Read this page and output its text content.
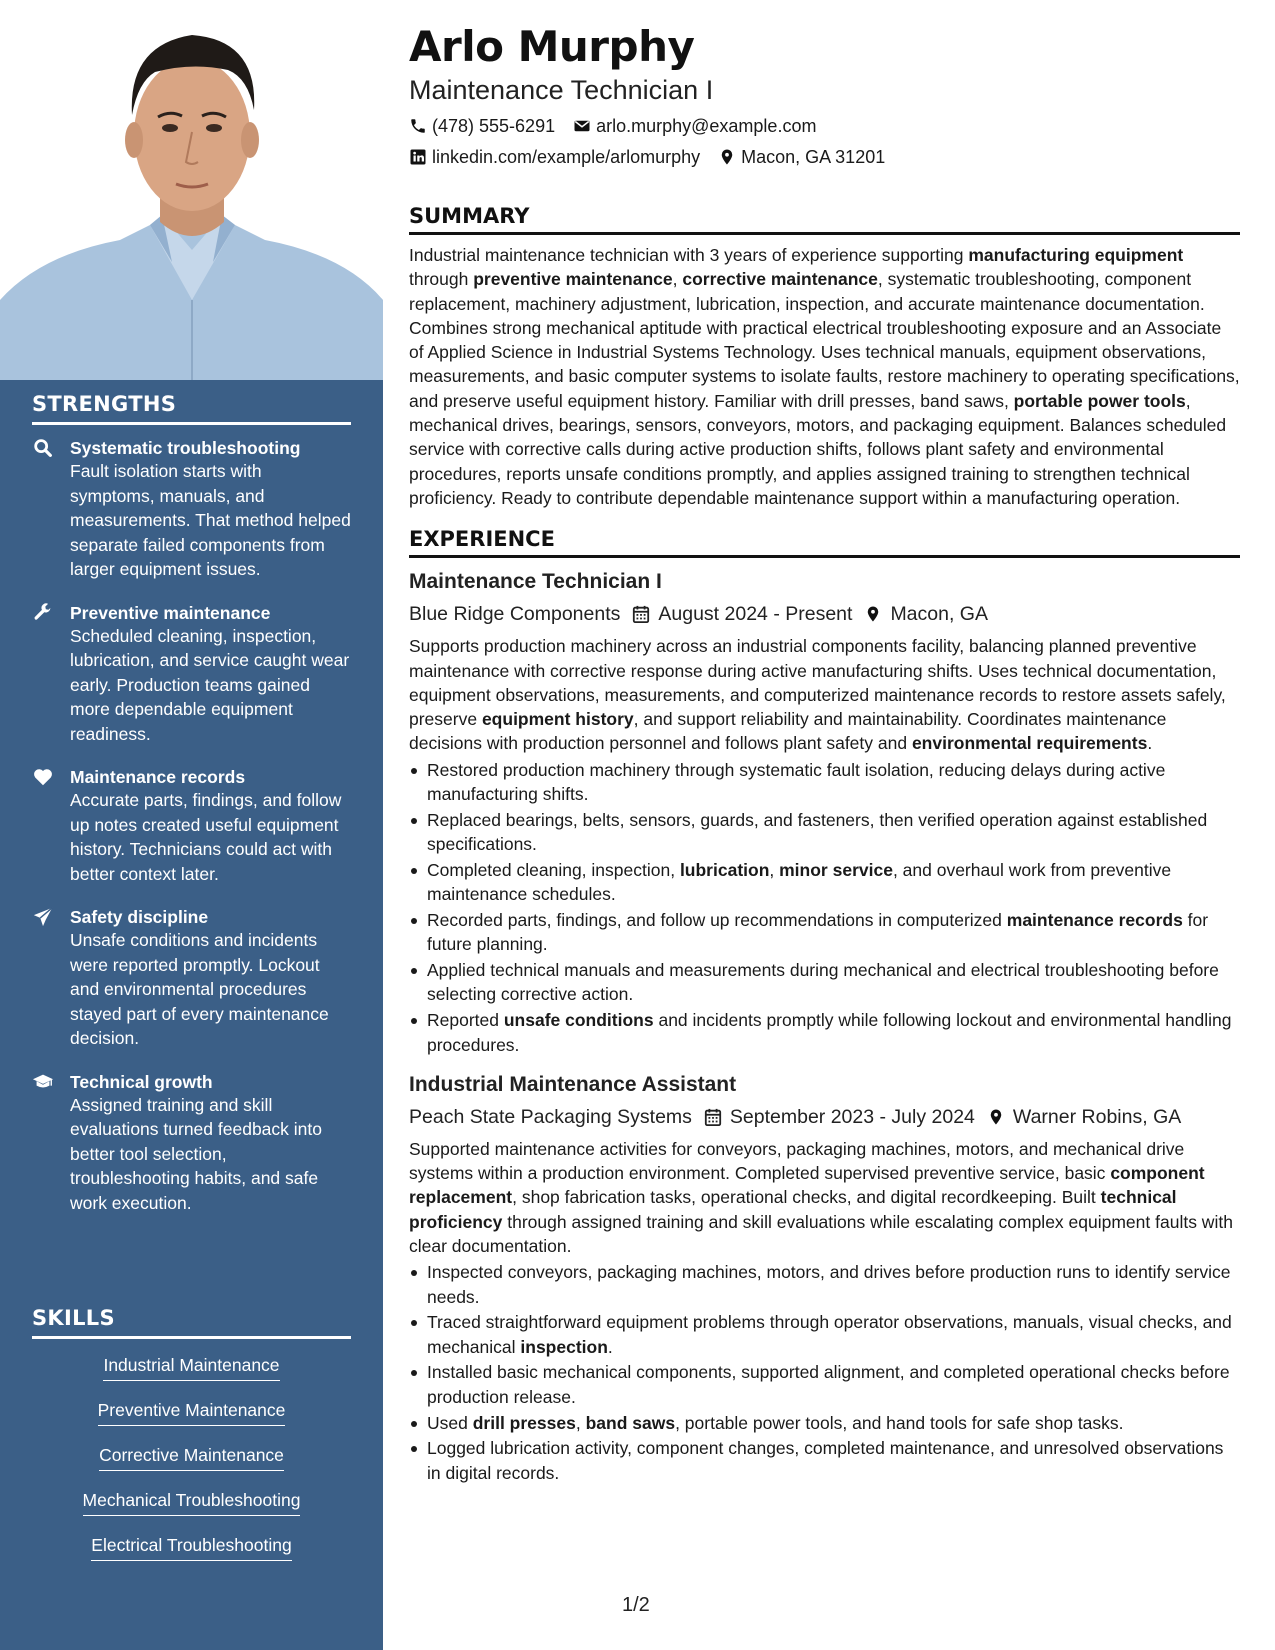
STRENGTHS
Systematic troubleshooting
Fault isolation starts with symptoms, manuals, and measurements. That method helped separate failed components from larger equipment issues.
Preventive maintenance
Scheduled cleaning, inspection, lubrication, and service caught wear early. Production teams gained more dependable equipment readiness.
Maintenance records
Accurate parts, findings, and follow up notes created useful equipment history. Technicians could act with better context later.
Safety discipline
Unsafe conditions and incidents were reported promptly. Lockout and environmental procedures stayed part of every maintenance decision.
Technical growth
Assigned training and skill evaluations turned feedback into better tool selection, troubleshooting habits, and safe work execution.
SKILLS
Industrial Maintenance
Preventive Maintenance
Corrective Maintenance
Mechanical Troubleshooting
Electrical Troubleshooting
Arlo Murphy
Maintenance Technician I
(478) 555-6291 arlo.murphy@example.com
linkedin.com/example/arlomurphy Macon, GA 31201
SUMMARY
Industrial maintenance technician with 3 years of experience supporting manufacturing equipment through preventive maintenance, corrective maintenance, systematic troubleshooting, component replacement, machinery adjustment, lubrication, inspection, and accurate maintenance documentation. Combines strong mechanical aptitude with practical electrical troubleshooting exposure and an Associate of Applied Science in Industrial Systems Technology. Uses technical manuals, equipment observations, measurements, and basic computer systems to isolate faults, restore machinery to operating specifications, and preserve useful equipment history. Familiar with drill presses, band saws, portable power tools, mechanical drives, bearings, sensors, conveyors, motors, and packaging equipment. Balances scheduled service with corrective calls during active production shifts, follows plant safety and environmental procedures, reports unsafe conditions promptly, and applies assigned training to strengthen technical proficiency. Ready to contribute dependable maintenance support within a manufacturing operation.
EXPERIENCE
Maintenance Technician I
Blue Ridge Components August 2024 - Present Macon, GA
Supports production machinery across an industrial components facility, balancing planned preventive maintenance with corrective response during active manufacturing shifts. Uses technical documentation, equipment observations, measurements, and computerized maintenance records to restore assets safely, preserve equipment history, and support reliability and maintainability. Coordinates maintenance decisions with production personnel and follows plant safety and environmental requirements.
Restored production machinery through systematic fault isolation, reducing delays during active manufacturing shifts.
Replaced bearings, belts, sensors, guards, and fasteners, then verified operation against established specifications.
Completed cleaning, inspection, lubrication, minor service, and overhaul work from preventive maintenance schedules.
Recorded parts, findings, and follow up recommendations in computerized maintenance records for future planning.
Applied technical manuals and measurements during mechanical and electrical troubleshooting before selecting corrective action.
Reported unsafe conditions and incidents promptly while following lockout and environmental handling procedures.
Industrial Maintenance Assistant
Peach State Packaging Systems September 2023 - July 2024 Warner Robins, GA
Supported maintenance activities for conveyors, packaging machines, motors, and mechanical drive systems within a production environment. Completed supervised preventive service, basic component replacement, shop fabrication tasks, operational checks, and digital recordkeeping. Built technical proficiency through assigned training and skill evaluations while escalating complex equipment faults with clear documentation.
Inspected conveyors, packaging machines, motors, and drives before production runs to identify service needs.
Traced straightforward equipment problems through operator observations, manuals, visual checks, and mechanical inspection.
Installed basic mechanical components, supported alignment, and completed operational checks before production release.
Used drill presses, band saws, portable power tools, and hand tools for safe shop tasks.
Logged lubrication activity, component changes, completed maintenance, and unresolved observations in digital records.
1/2
